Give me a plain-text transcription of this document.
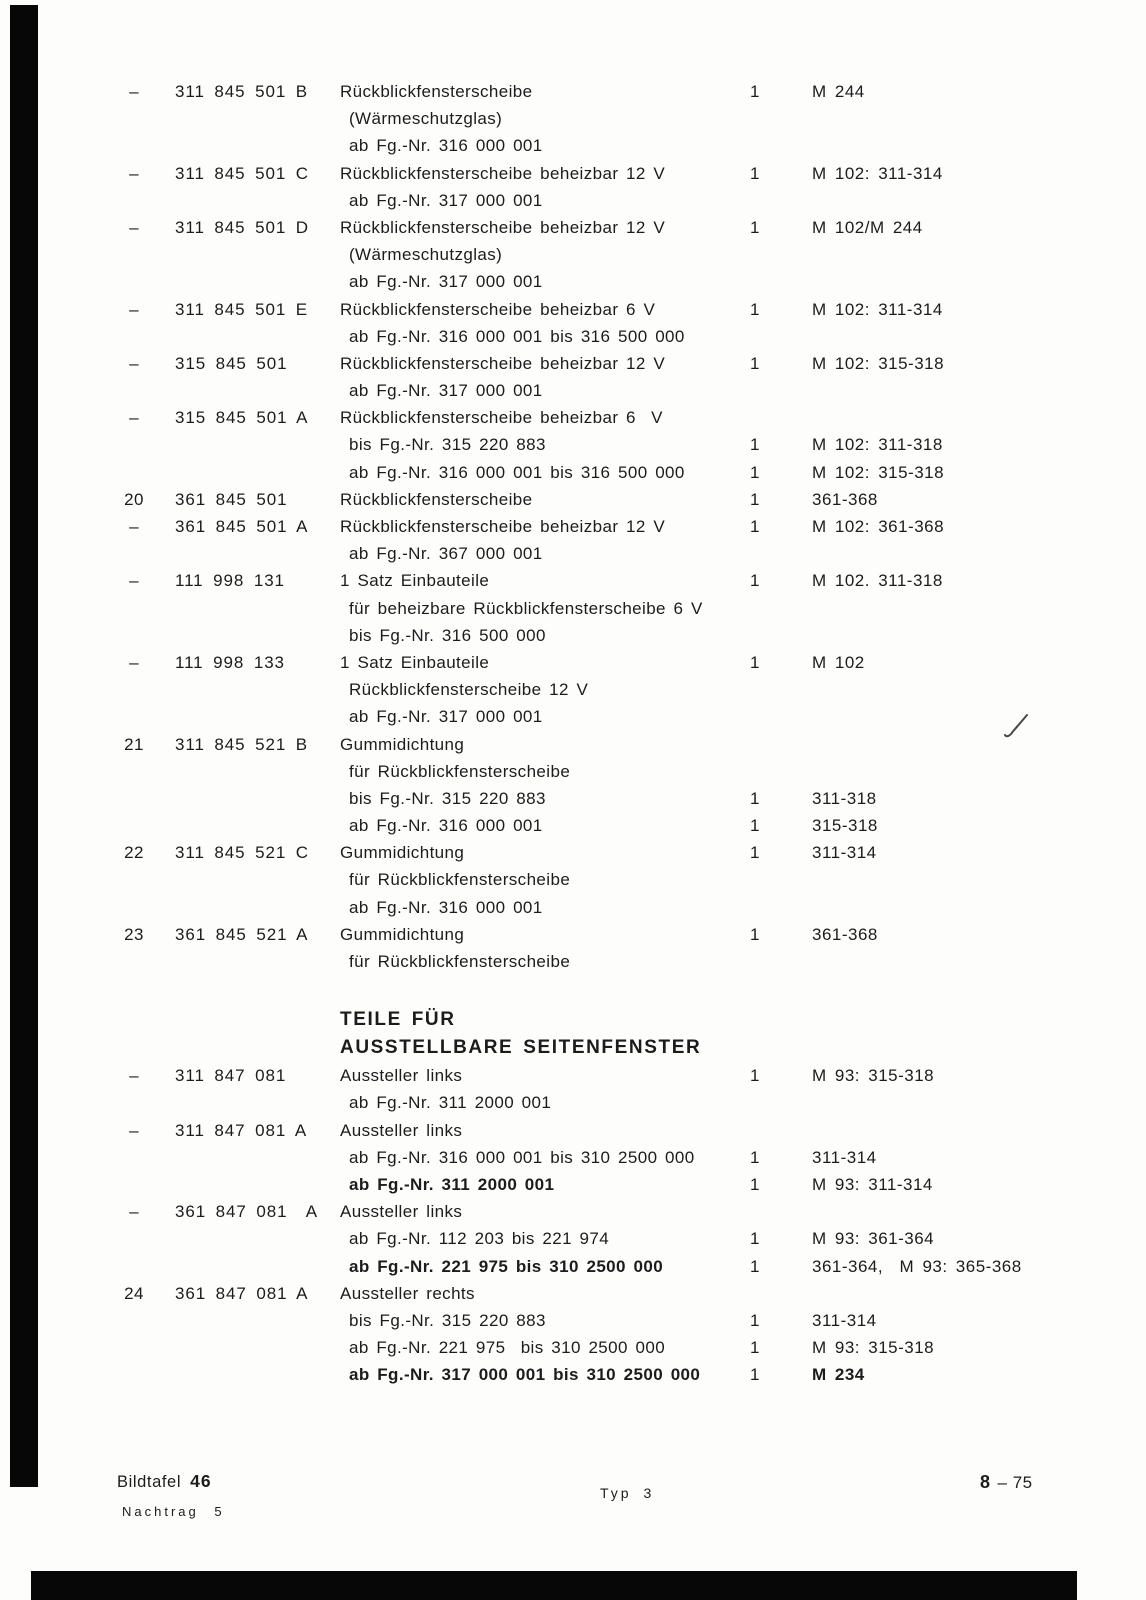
–	311 845 501 B Rückblickfensterscheibe	1	M 244
(Wärmeschutzglas)
ab Fg.-Nr. 316 000 001
–	311 845 501 C Rückblickfensterscheibe beheizbar 12 V	1	M 102: 311-314
ab Fg.-Nr. 317 000 001
–	311 845 501 D Rückblickfensterscheibe beheizbar 12 V	1	M 102/M 244
(Wärmeschutzglas)
ab Fg.-Nr. 317 000 001
–	311 845 501 E Rückblickfensterscheibe beheizbar 6 V	1	M 102: 311-314
ab Fg.-Nr. 316 000 001 bis 316 500 000
–	315 845 501	Rückblickfensterscheibe beheizbar 12 V	1	M 102: 315-318
ab Fg.-Nr. 317 000 001
–	315 845 501 A Rückblickfensterscheibe beheizbar 6  V
bis Fg.-Nr. 315 220 883	1	M 102: 311-318
ab Fg.-Nr. 316 000 001 bis 316 500 000	1	M 102: 315-318
20	361 845 501	Rückblickfensterscheibe	1	361-368
–	361 845 501 A Rückblickfensterscheibe beheizbar 12 V	1	M 102: 361-368
ab Fg.-Nr. 367 000 001
–	111 998 131	1 Satz Einbauteile	1	M 102. 311-318
für beheizbare Rückblickfensterscheibe 6 V
bis Fg.-Nr. 316 500 000
–	111 998 133	1 Satz Einbauteile	1	M 102
Rückblickfensterscheibe 12 V
ab Fg.-Nr. 317 000 001
21	311 845 521 B Gummidichtung
für Rückblickfensterscheibe
bis Fg.-Nr. 315 220 883	1	311-318
ab Fg.-Nr. 316 000 001	1	315-318
22	311 845 521 C Gummidichtung	1	311-314
für Rückblickfensterscheibe
ab Fg.-Nr. 316 000 001
23	361 845 521 A Gummidichtung	1	361-368
für Rückblickfensterscheibe
TEILE FÜR
AUSSTELLBARE SEITENFENSTER
–	311 847 081	Aussteller links	1	M 93: 315-318
ab Fg.-Nr. 311 2000 001
–	311 847 081 A Aussteller links
ab Fg.-Nr. 316 000 001 bis 310 2500 000	1	311-314
ab Fg.-Nr. 311 2000 001	1	M 93: 311-314
–	361 847 081  A Aussteller links
ab Fg.-Nr. 112 203 bis 221 974	1	M 93: 361-364
ab Fg.-Nr. 221 975 bis 310 2500 000	1	361-364,  M 93: 365-368
24	361 847 081 A Aussteller rechts
bis Fg.-Nr. 315 220 883	1	311-314
ab Fg.-Nr. 221 975  bis 310 2500 000	1	M 93: 315-318
ab Fg.-Nr. 317 000 001 bis 310 2500 000	1	M 234
Bildtafel 46
Nachtrag 5
Typ 3
8 – 75
